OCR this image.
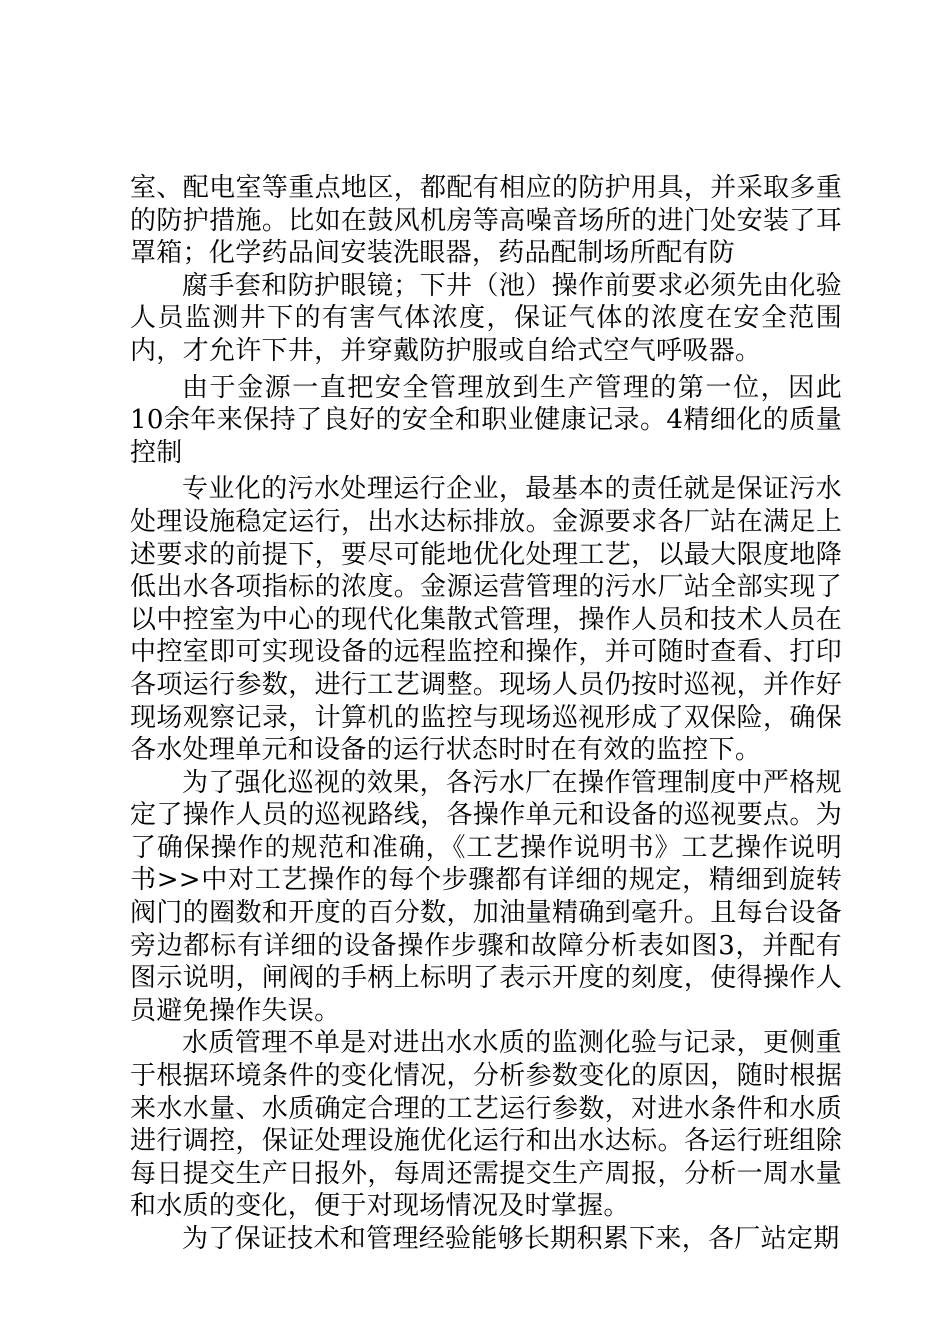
室、配电室等重点地区，都配有相应的防护用具，并采取多重的防护措施。比如在鼓风机房等高噪音场所的进门处安装了耳罩箱；化学药品间安装洗眼器，药品配制场所配有防

腐手套和防护眼镜；下井（池）操作前要求必须先由化验人员监测井下的有害气体浓度，保证气体的浓度在安全范围内，才允许下井，并穿戴防护服或自给式空气呼吸器。

由于金源一直把安全管理放到生产管理的第一位，因此10余年来保持了良好的安全和职业健康记录。4精细化的质量控制

专业化的污水处理运行企业，最基本的责任就是保证污水处理设施稳定运行，出水达标排放。金源要求各厂站在满足上述要求的前提下，要尽可能地优化处理工艺，以最大限度地降低出水各项指标的浓度。金源运营管理的污水厂站全部实现了以中控室为中心的现代化集散式管理，操作人员和技术人员在中控室即可实现设备的远程监控和操作，并可随时查看、打印各项运行参数，进行工艺调整。现场人员仍按时巡视，并作好现场观察记录，计算机的监控与现场巡视形成了双保险，确保各水处理单元和设备的运行状态时时在有效的监控下。

为了强化巡视的效果，各污水厂在操作管理制度中严格规定了操作人员的巡视路线，各操作单元和设备的巡视要点。为了确保操作的规范和准确，《工艺操作说明书》工艺操作说明书>>中对工艺操作的每个步骤都有详细的规定，精细到旋转阀门的圈数和开度的百分数，加油量精确到毫升。且每台设备旁边都标有详细的设备操作步骤和故障分析表如图3，并配有图示说明，闸阀的手柄上标明了表示开度的刻度，使得操作人员避免操作失误。

水质管理不单是对进出水水质的监测化验与记录，更侧重于根据环境条件的变化情况，分析参数变化的原因，随时根据来水水量、水质确定合理的工艺运行参数，对进水条件和水质进行调控，保证处理设施优化运行和出水达标。各运行班组除每日提交生产日报外，每周还需提交生产周报，分析一周水量和水质的变化，便于对现场情况及时掌握。

为了保证技术和管理经验能够长期积累下来，各厂站定期
